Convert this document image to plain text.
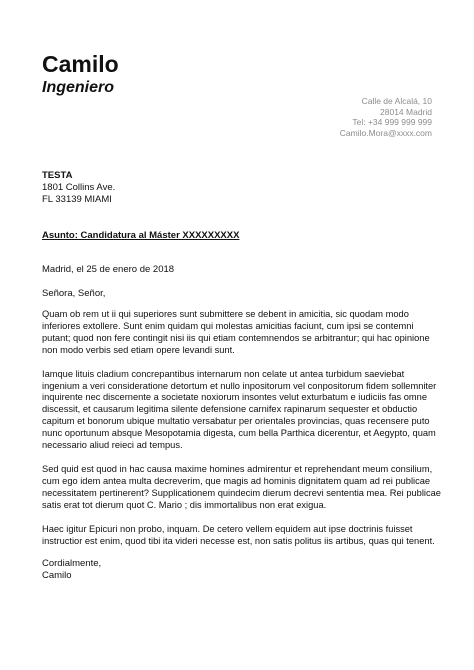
Camilo
Ingeniero
Calle de Alcalá, 10
28014 Madrid
Tel: +34 999 999 999
Camilo.Mora@xxxx.com
TESTA
1801 Collins Ave.
FL 33139 MIAMI
Asunto: Candidatura al Máster XXXXXXXXX
Madrid, el 25 de enero de 2018
Señora, Señor,

Quam ob rem ut ii qui superiores sunt submittere se debent in amicitia, sic quodam modo inferiores extollere. Sunt enim quidam qui molestas amicitias faciunt, cum ipsi se contemni putant; quod non fere contingit nisi iis qui etiam contemnendos se arbitrantur; qui hac opinione non modo verbis sed etiam opere levandi sunt.

Iamque lituis cladium concrepantibus internarum non celate ut antea turbidum saeviebat ingenium a veri consideratione detortum et nullo inpositorum vel conpositorum fidem sollemniter inquirente nec discernente a societate noxiorum insontes velut exturbatum e iudiciis fas omne discessit, et causarum legitima silente defensione carnifex rapinarum sequester et obductio capitum et bonorum ubique multatio versabatur per orientales provincias, quas recensere puto nunc oportunum absque Mesopotamia digesta, cum bella Parthica dicerentur, et Aegypto, quam necessario aliud reieci ad tempus.

Sed quid est quod in hac causa maxime homines admirentur et reprehendant meum consilium, cum ego idem antea multa decreverim, que magis ad hominis dignitatem quam ad rei publicae necessitatem pertinerent? Supplicationem quindecim dierum decrevi sententia mea. Rei publicae satis erat tot dierum quot C. Mario ; dis immortalibus non erat exigua.

Haec igitur Epicuri non probo, inquam. De cetero vellem equidem aut ipse doctrinis fuisset instructior est enim, quod tibi ita videri necesse est, non satis politus iis artibus, quas qui tenent.

Cordialmente,
Camilo
